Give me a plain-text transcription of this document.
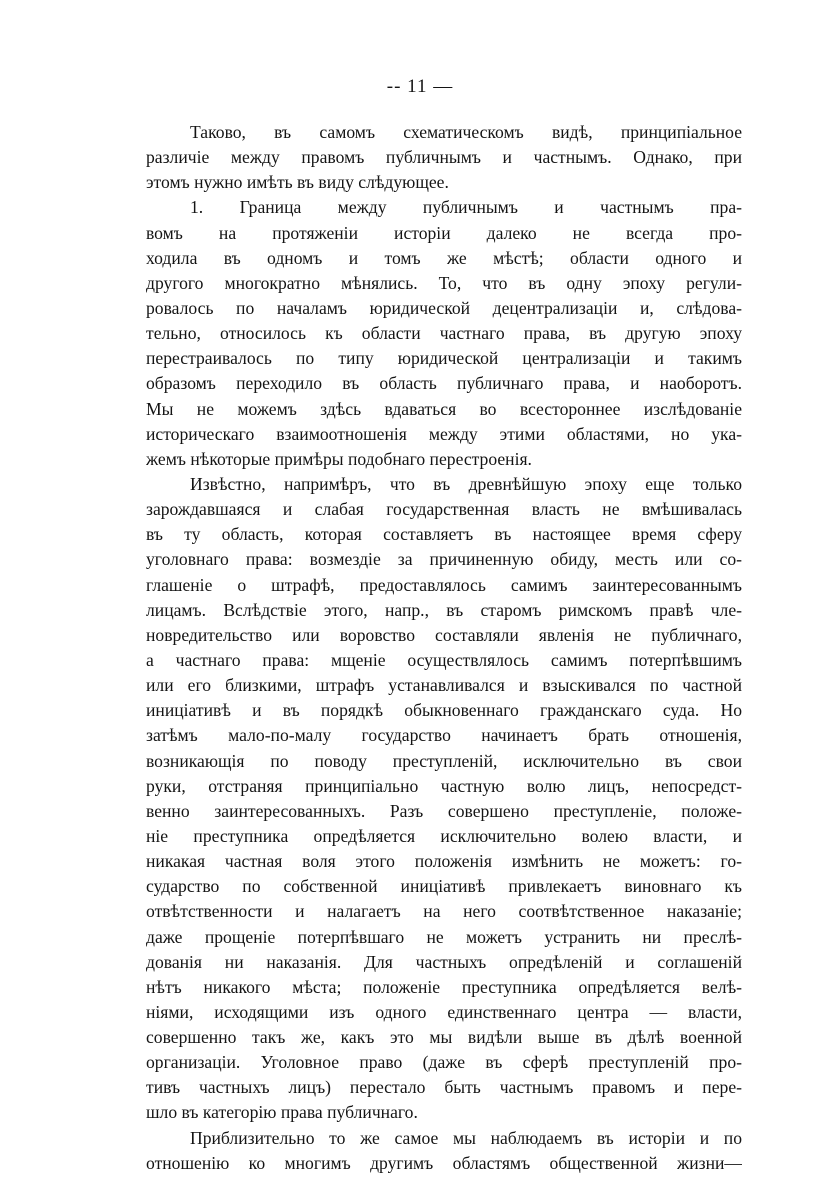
-- 11 —
Таково, въ самомъ схематическомъ видѣ, принципіальное
различіе между правомъ публичнымъ и частнымъ. Однако, при
этомъ нужно имѣть въ виду слѣдующее.
1. Граница между публичнымъ и частнымъ пра-
вомъ на протяженіи исторіи далеко не всегда про-
ходила въ одномъ и томъ же мѣстѣ; области одного и
другого многократно мѣнялись. То, что въ одну эпоху регули-
ровалось по началамъ юридической децентрализаціи и, слѣдова-
тельно, относилось къ области частнаго права, въ другую эпоху
перестраивалось по типу юридической централизаціи и такимъ
образомъ переходило въ область публичнаго права, и наоборотъ.
Мы не можемъ здѣсь вдаваться во всестороннее изслѣдованіе
историческаго взаимоотношенія между этими областями, но ука-
жемъ нѣкоторые примѣры подобнаго перестроенія.
Извѣстно, напримѣръ, что въ древнѣйшую эпоху еще только
зарождавшаяся и слабая государственная власть не вмѣшивалась
въ ту область, которая составляетъ въ настоящее время сферу
уголовнаго права: возмездіе за причиненную обиду, месть или со-
глашеніе о штрафѣ, предоставлялось самимъ заинтересованнымъ
лицамъ. Вслѣдствіе этого, напр., въ старомъ римскомъ правѣ чле-
новредительство или воровство составляли явленія не публичнаго,
а частнаго права: мщеніе осуществлялось самимъ потерпѣвшимъ
или его близкими, штрафъ устанавливался и взыскивался по частной
иниціативѣ и въ порядкѣ обыкновеннаго гражданскаго суда. Но
затѣмъ мало-по-малу государство начинаетъ брать отношенія,
возникающія по поводу преступленій, исключительно въ свои
руки, отстраняя принципіально частную волю лицъ, непосредст-
венно заинтересованныхъ. Разъ совершено преступленіе, положе-
ніе преступника опредѣляется исключительно волею власти, и
никакая частная воля этого положенія измѣнить не можетъ: го-
сударство по собственной иниціативѣ привлекаетъ виновнаго къ
отвѣтственности и налагаетъ на него соотвѣтственное наказаніе;
даже прощеніе потерпѣвшаго не можетъ устранить ни преслѣ-
дованія ни наказанія. Для частныхъ опредѣленій и соглашеній
нѣтъ никакого мѣста; положеніе преступника опредѣляется велѣ-
ніями, исходящими изъ одного единственнаго центра — власти,
совершенно такъ же, какъ это мы видѣли выше въ дѣлѣ военной
организаціи. Уголовное право (даже въ сферѣ преступленій про-
тивъ частныхъ лицъ) перестало быть частнымъ правомъ и пере-
шло въ категорію права публичнаго.
Приблизительно то же самое мы наблюдаемъ въ исторіи и по
отношенію ко многимъ другимъ областямъ общественной жизни—
